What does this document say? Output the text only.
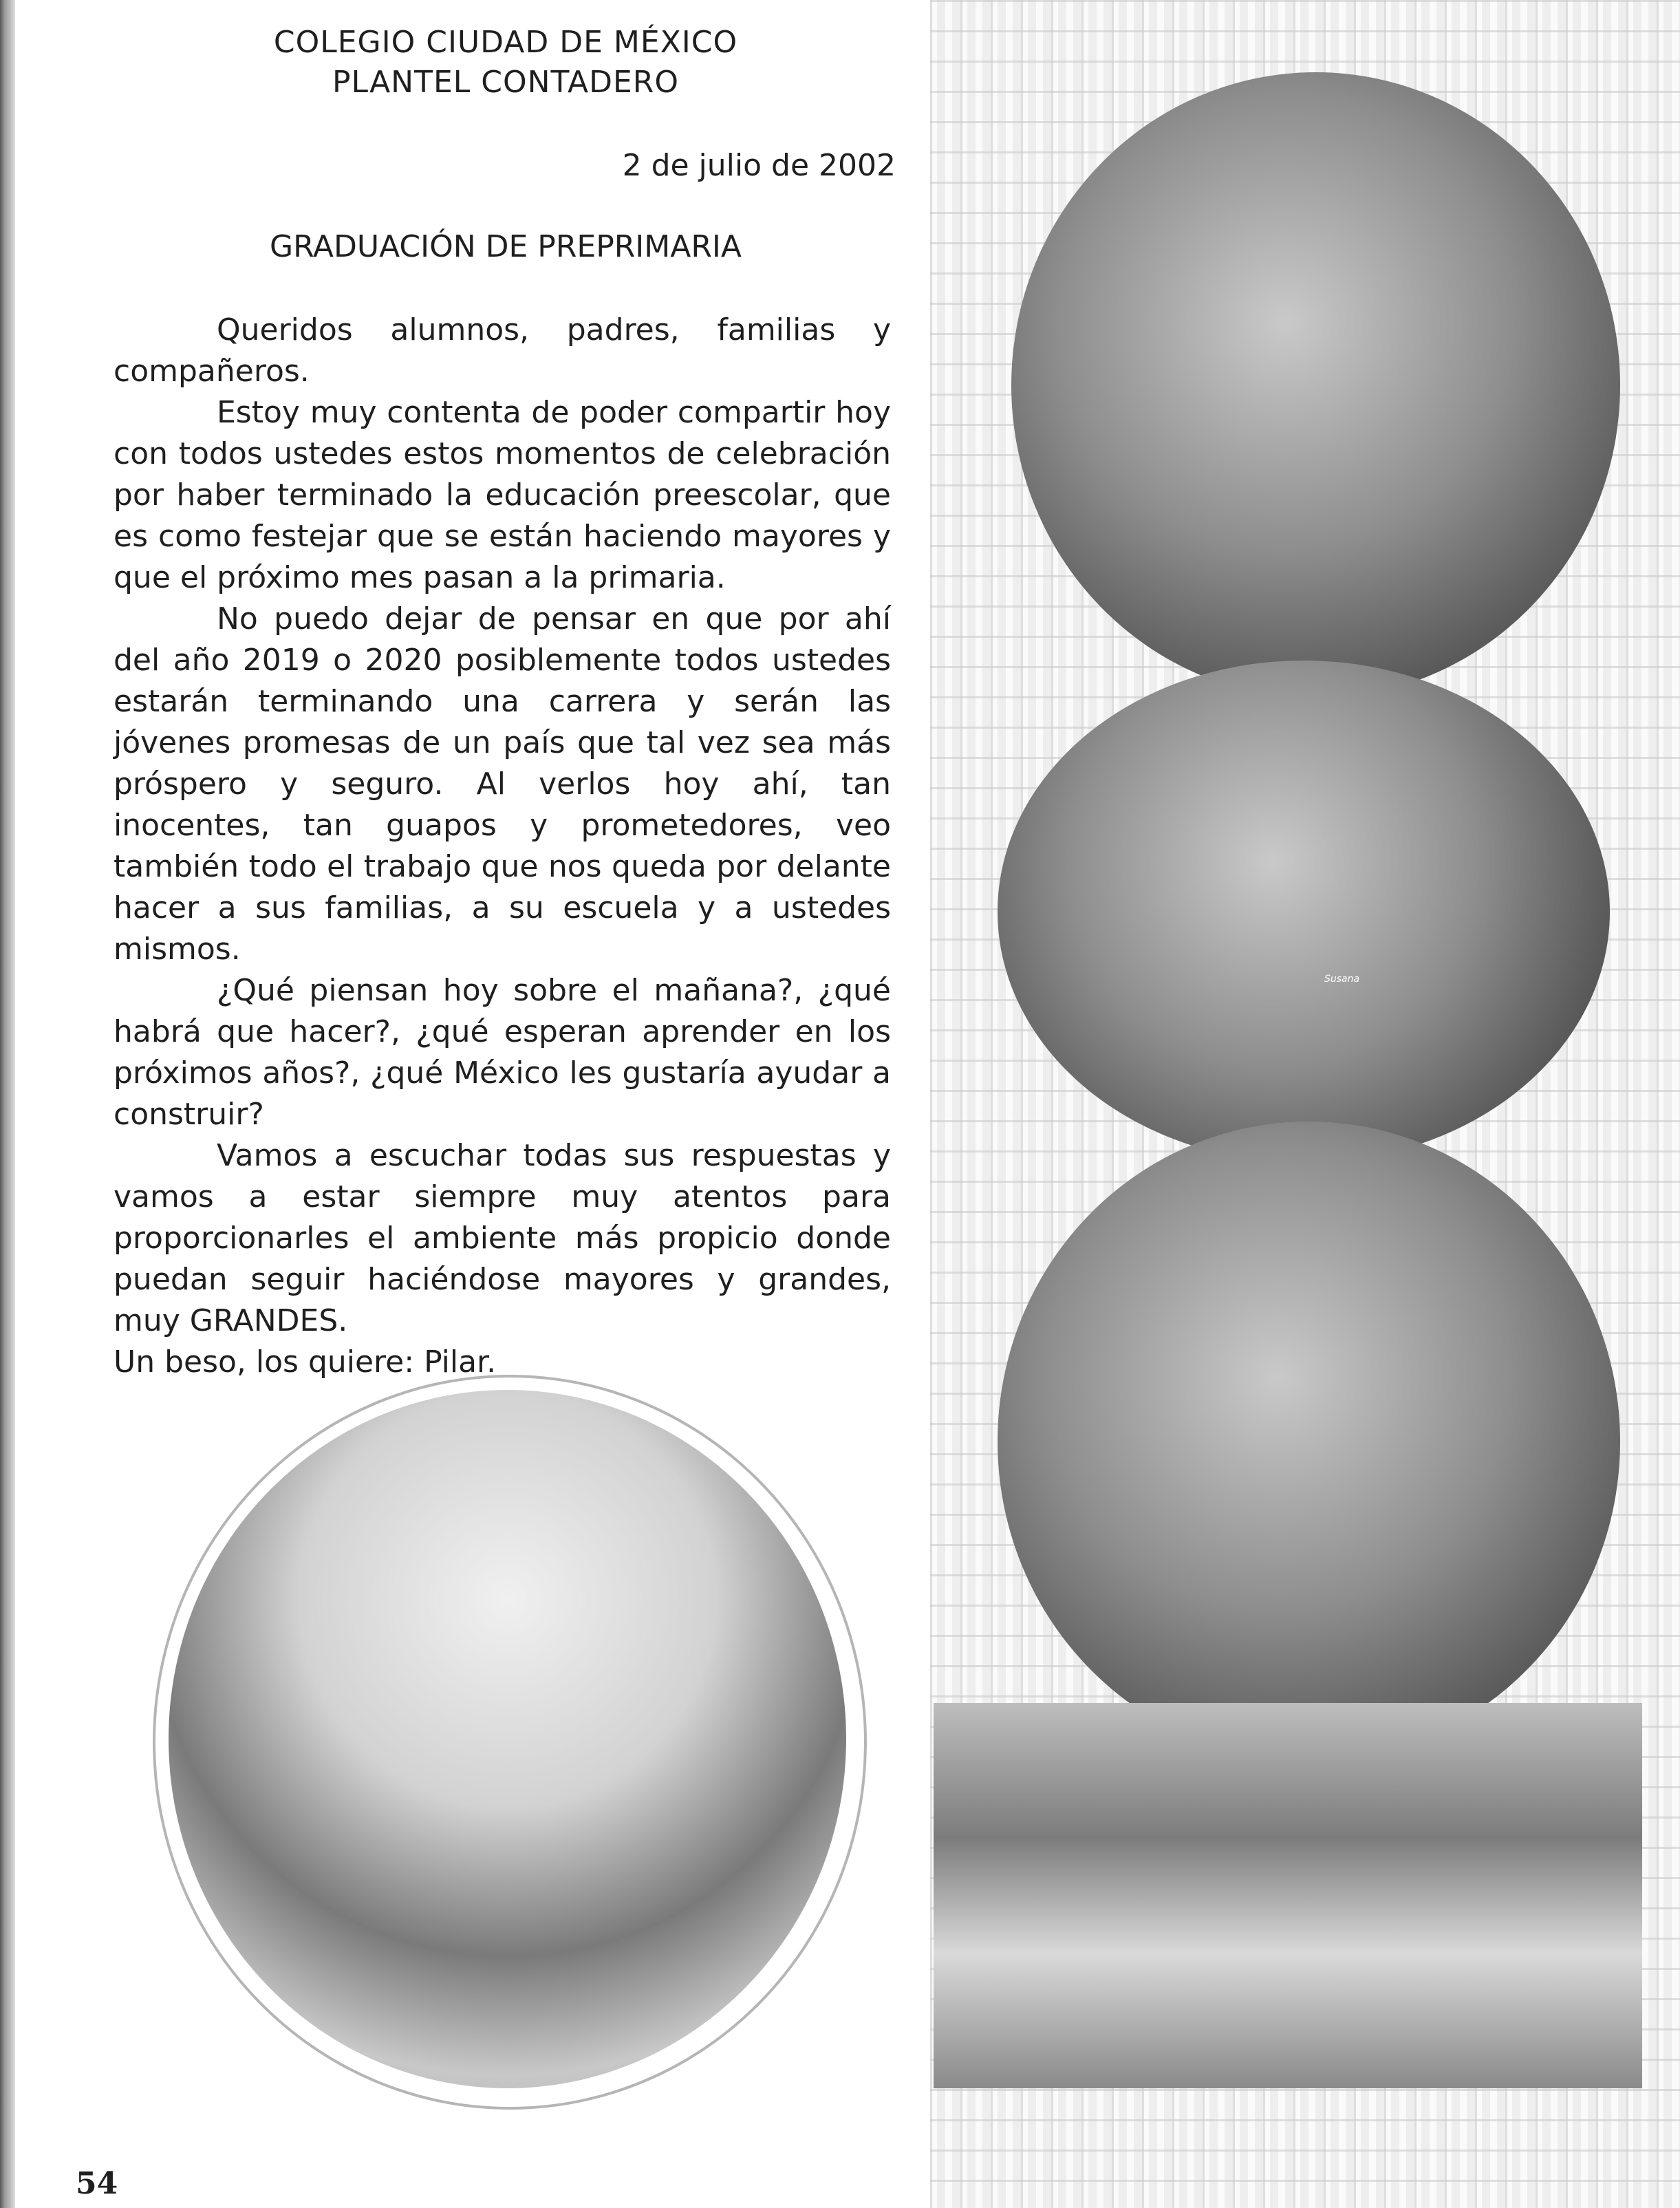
COLEGIO CIUDAD DE MÉXICO
PLANTEL CONTADERO

2 de julio de 2002

GRADUACIÓN DE PREPRIMARIA

Queridos alumnos, padres, familias y compañeros.

Estoy muy contenta de poder compartir hoy con todos ustedes estos momentos de celebración por haber terminado la educación preescolar, que es como festejar que se están haciendo mayores y que el próximo mes pasan a la primaria.

No puedo dejar de pensar en que por ahí del año 2019 o 2020 posiblemente todos ustedes estarán terminando una carrera y serán las jóvenes promesas de un país que tal vez sea más próspero y seguro. Al verlos hoy ahí, tan inocentes, tan guapos y prometedores, veo también todo el trabajo que nos queda por delante hacer a sus familias, a su escuela y a ustedes mismos.

¿Qué piensan hoy sobre el mañana?, ¿qué habrá que hacer?, ¿qué esperan aprender en los próximos años?, ¿qué México les gustaría ayudar a construir?

Vamos a escuchar todas sus respuestas y vamos a estar siempre muy atentos para proporcionarles el ambiente más propicio donde puedan seguir haciéndose mayores y grandes, muy GRANDES.

Un beso, los quiere: Pilar.

Susana

54
